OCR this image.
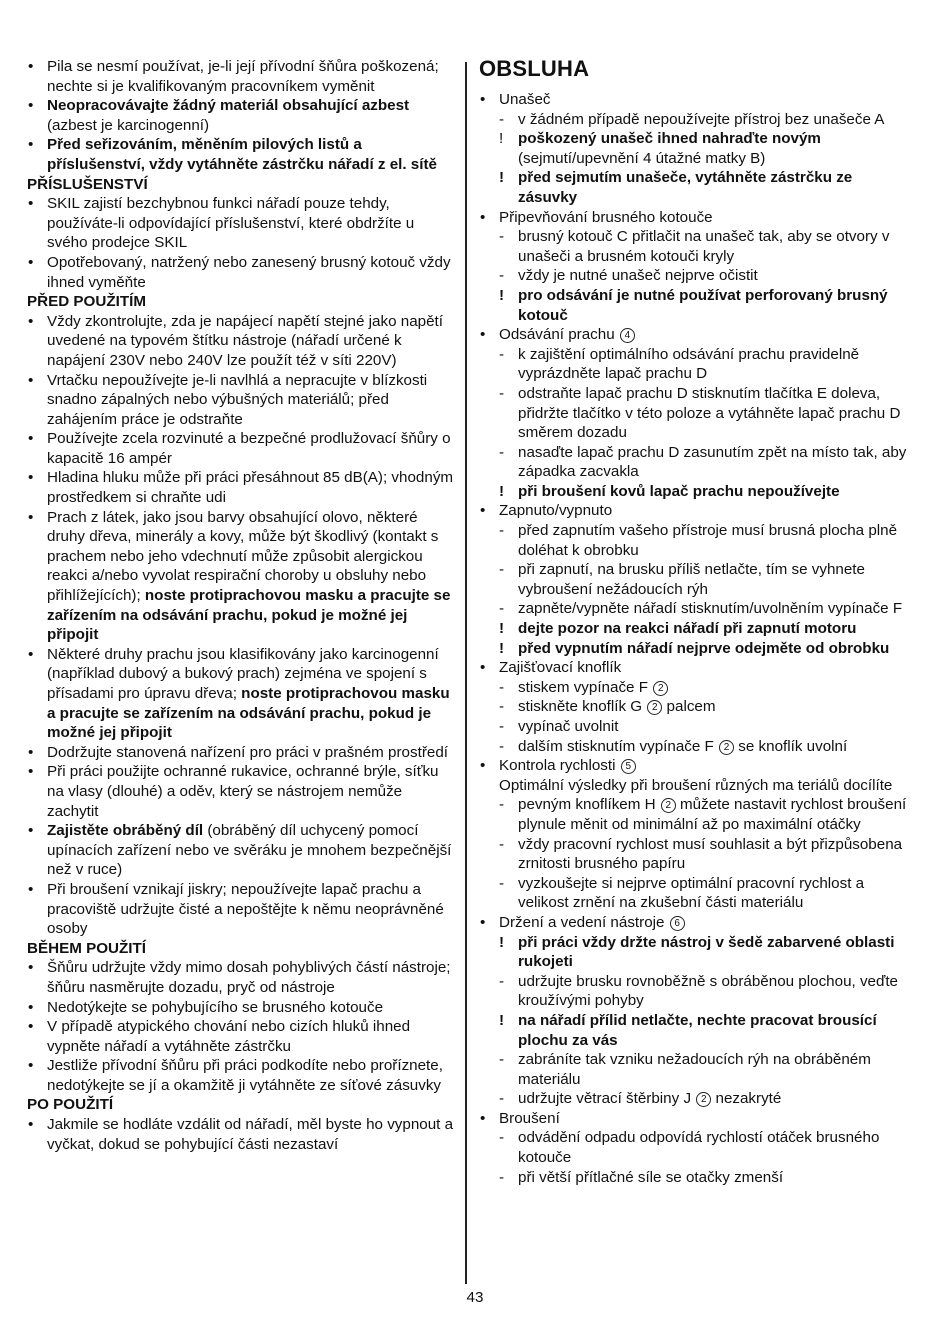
• Pila se nesmí používat, je-li její přívodní šňůra poškozená; nechte si je kvalifikovaným pracovníkem vyměnit

• Neopracovávajte žádný materiál obsahující azbest (azbest je karcinogenní)

• Před seřizováním, měněním pilových listů a příslušenství, vždy vytáhněte zástrčku nářadí z el. sítě

PŘÍSLUŠENSTVÍ

• SKIL zajistí bezchybnou funkci nářadí pouze tehdy, používáte-li odpovídající příslušenství, které obdržíte u svého prodejce SKIL

• Opotřebovaný, natržený nebo zanesený brusný kotouč vždy ihned vyměňte

PŘED POUŽITÍM

• Vždy zkontrolujte, zda je napájecí napětí stejné jako napětí uvedené na typovém štítku nástroje (nářadí určené k napájení 230V nebo 240V lze použít též v síti 220V)

• Vrtačku nepoužívejte je-li navlhlá a nepracujte v blízkosti snadno zápalných nebo výbušných materiálů; před zahájením práce je odstraňte

• Používejte zcela rozvinuté a bezpečné prodlužovací šňůry o kapacitě 16 ampér

• Hladina hluku může při práci přesáhnout 85 dB(A); vhodným prostředkem si chraňte udi

• Prach z látek, jako jsou barvy obsahující olovo, některé druhy dřeva, minerály a kovy, může být škodlivý (kontakt s prachem nebo jeho vdechnutí může způsobit alergickou reakci a/nebo vyvolat respirační choroby u obsluhy nebo přihlížejících); noste protiprachovou masku a pracujte se zařízením na odsávání prachu, pokud je možné jej připojit

• Některé druhy prachu jsou klasifikovány jako karcinogenní (například dubový a bukový prach) zejména ve spojení s přísadami pro úpravu dřeva; noste protiprachovou masku a pracujte se zařízením na odsávání prachu, pokud je možné jej připojit

• Dodržujte stanovená nařízení pro práci v prašném prostředí

• Při práci použijte ochranné rukavice, ochranné brýle, síťku na vlasy (dlouhé) a oděv, který se nástrojem nemůže zachytit

• Zajistěte obráběný díl (obráběný díl uchycený pomocí upínacích zařízení nebo ve svěráku je mnohem bezpečnější než v ruce)

• Při broušení vznikají jiskry; nepoužívejte lapač prachu a pracoviště udržujte čisté a nepoštějte k němu neoprávněné osoby

BĚHEM POUŽITÍ

• Šňůru udržujte vždy mimo dosah pohyblivých částí nástroje; šňůru nasměrujte dozadu, pryč od nástroje

• Nedotýkejte se pohybujícího se brusného kotouče

• V případě atypického chování nebo cizích hluků ihned vypněte nářadí a vytáhněte zástrčku

• Jestliže přívodní šňůru při práci podkodíte nebo proříznete, nedotýkejte se jí a okamžitě ji vytáhněte ze síťové zásuvky

PO POUŽITÍ

• Jakmile se hodláte vzdálit od nářadí, měl byste ho vypnout a vyčkat, dokud se pohybující části nezastaví

OBSLUHA

• Unašeč

- v žádném případě nepoužívejte přístroj bez unašeče A

! poškozený unašeč ihned nahraďte novým (sejmutí/upevnění 4 útažné matky B)

! před sejmutím unašeče, vytáhněte zástrčku ze zásuvky

• Připevňování brusného kotouče

- brusný kotouč C přitlačit na unašeč tak, aby se otvory v unašeči a brusném kotouči kryly

- vždy je nutné unašeč nejprve očistit

! pro odsávání je nutné používat perforovaný brusný kotouč

• Odsávání prachu 4

- k zajištění optimálního odsávání prachu pravidelně vyprázdněte lapač prachu D

- odstraňte lapač prachu D stisknutím tlačítka E doleva, přidržte tlačítko v této poloze a vytáhněte lapač prachu D směrem dozadu

- nasaďte lapač prachu D zasunutím zpět na místo tak, aby západka zacvakla

! při broušení kovů lapač prachu nepoužívejte

• Zapnuto/vypnuto

- před zapnutím vašeho přístroje musí brusná plocha plně doléhat k obrobku

- při zapnutí, na brusku příliš netlačte, tím se vyhnete vybroušení nežádoucích rýh

- zapněte/vypněte nářadí stisknutím/uvolněním vypínače F

! dejte pozor na reakci nářadí při zapnutí motoru

! před vypnutím nářadí nejprve odejměte od obrobku

• Zajišťovací knoflík

- stiskem vypínače F 2

- stiskněte knoflík G 2 palcem

- vypínač uvolnit

- dalším stisknutím vypínače F 2 se knoflík uvolní

• Kontrola rychlosti 5

Optimální výsledky při broušení různých ma teriálů docílíte

- pevným knoflíkem H 2 můžete nastavit rychlost broušení plynule měnit od minimální až po maximální otáčky

- vždy pracovní rychlost musí souhlasit a být přizpůsobena zrnitosti brusného papíru

- vyzkoušejte si nejprve optimální pracovní rychlost a velikost zrnění na zkušební části materiálu

• Držení a vedení nástroje 6

! při práci vždy držte nástroj v šedě zabarvené oblasti rukojeti

- udržujte brusku rovnoběžně s obráběnou plochou, veďte kroužívými pohyby

! na nářadí přílid netlačte, nechte pracovat brousící plochu za vás

- zabráníte tak vzniku nežadoucích rýh na obráběném materiálu

- udržujte větrací štěrbiny J 2 nezakryté

• Broušení

- odvádění odpadu odpovídá rychlostí otáček brusného kotouče

- při větší přítlačné síle se otačky zmenší

43
